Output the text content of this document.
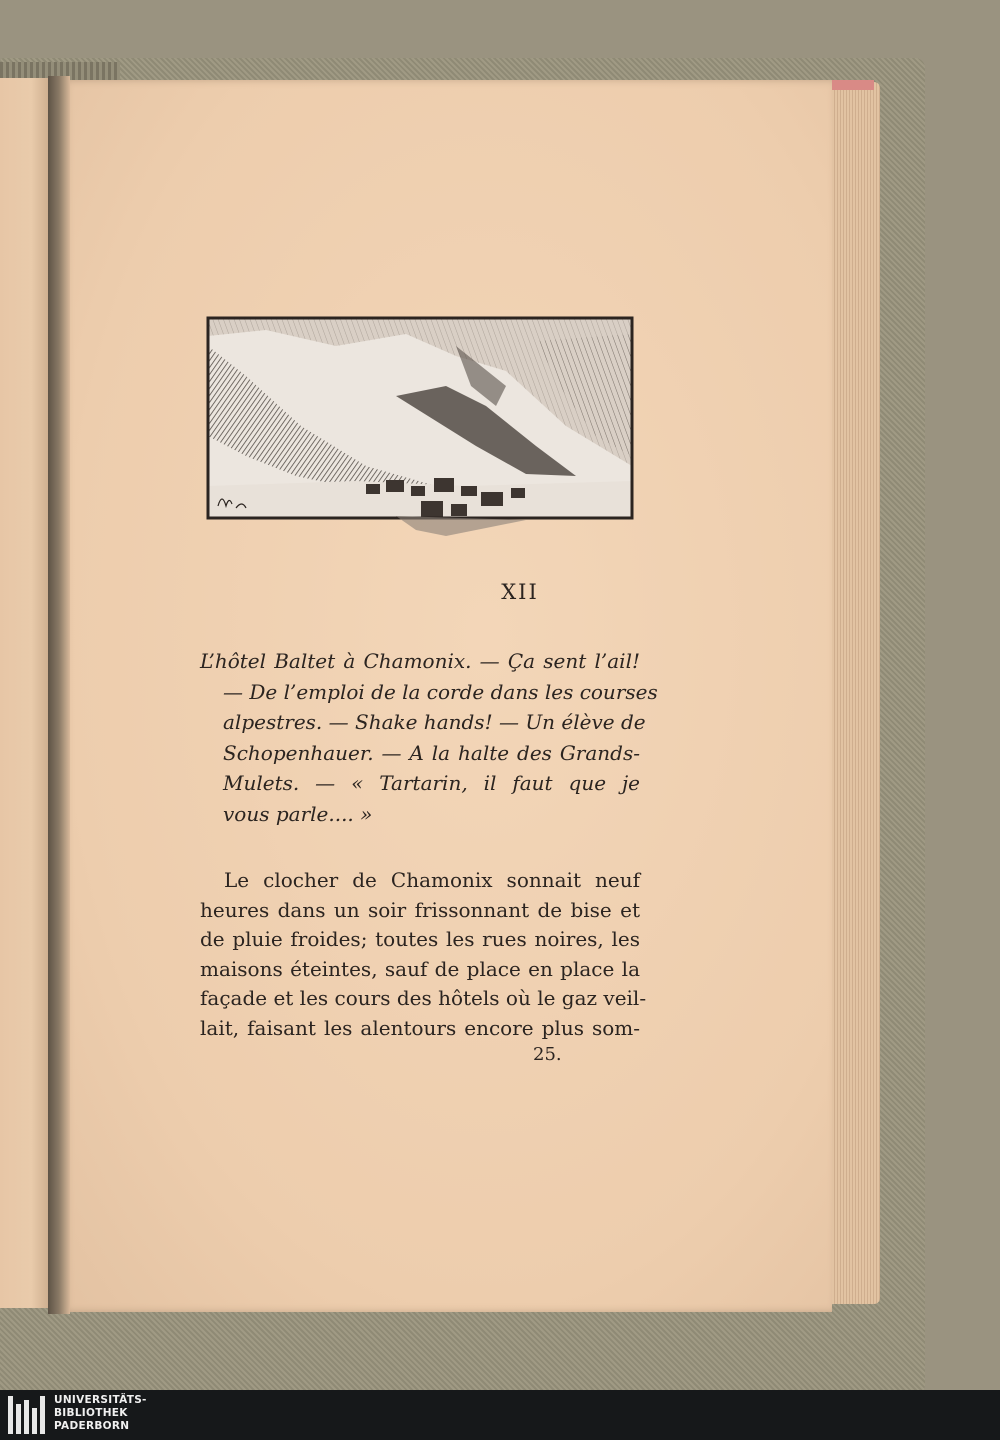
XII
L’hôtel Baltet à Chamonix. — Ça sent l’ail!
— De l’emploi de la corde dans les courses
alpestres. — Shake hands! — Un élève de
Schopenhauer. — A la halte des Grands-
Mulets. — « Tartarin, il faut que je
vous parle.... »
Le clocher de Chamonix sonnait neuf
heures dans un soir frissonnant de bise et
de pluie froides; toutes les rues noires, les
maisons éteintes, sauf de place en place la
façade et les cours des hôtels où le gaz veil-
lait, faisant les alentours encore plus som-
25.
UNIVERSITÄTS-
BIBLIOTHEK
PADERBORN
